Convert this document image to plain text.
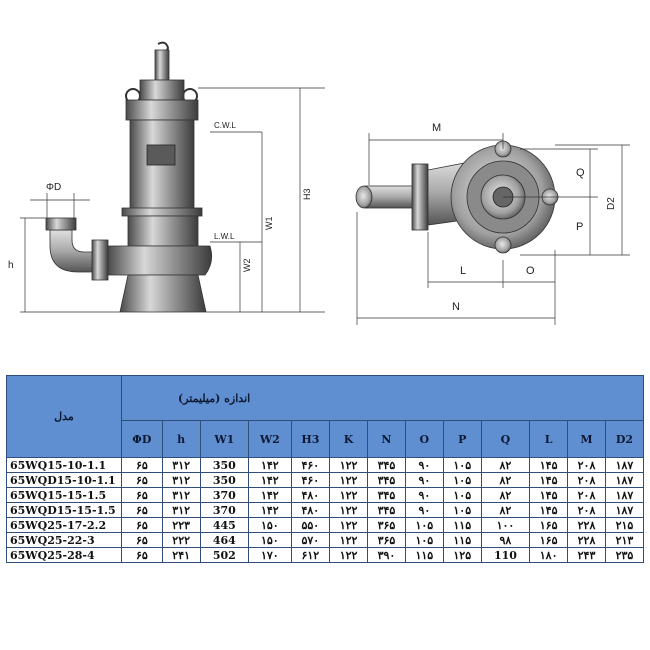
ΦD
h
C.W.L
L.W.L
W1
W2
H3
M
Q
P
D2
L	O
N
مدل	اندازه (میلیمتر)												
	ΦD	h	W1	W2	H3	K	N	O	P	Q	L	M	D2
65WQ15-10-1.1	۶۵	۳۱۲	350	۱۴۲	۴۶۰	۱۲۲	۳۴۵	۹۰	۱۰۵	۸۲	۱۴۵	۲۰۸	۱۸۷
65WQD15-10-1.1	۶۵	۳۱۲	350	۱۴۲	۴۶۰	۱۲۲	۳۴۵	۹۰	۱۰۵	۸۲	۱۴۵	۲۰۸	۱۸۷
65WQ15-15-1.5	۶۵	۳۱۲	370	۱۴۲	۴۸۰	۱۲۲	۳۴۵	۹۰	۱۰۵	۸۲	۱۴۵	۲۰۸	۱۸۷
65WQD15-15-1.5	۶۵	۳۱۲	370	۱۴۲	۴۸۰	۱۲۲	۳۴۵	۹۰	۱۰۵	۸۲	۱۴۵	۲۰۸	۱۸۷
65WQ25-17-2.2	۶۵	۲۲۳	445	۱۵۰	۵۵۰	۱۲۲	۳۶۵	۱۰۵	۱۱۵	۱۰۰	۱۶۵	۲۲۸	۲۱۵
65WQ25-22-3	۶۵	۲۲۲	464	۱۵۰	۵۷۰	۱۲۲	۳۶۵	۱۰۵	۱۱۵	۹۸	۱۶۵	۲۲۸	۲۱۳
65WQ25-28-4	۶۵	۲۴۱	502	۱۷۰	۶۱۲	۱۲۲	۳۹۰	۱۱۵	۱۲۵	110	۱۸۰	۲۴۳	۲۳۵
